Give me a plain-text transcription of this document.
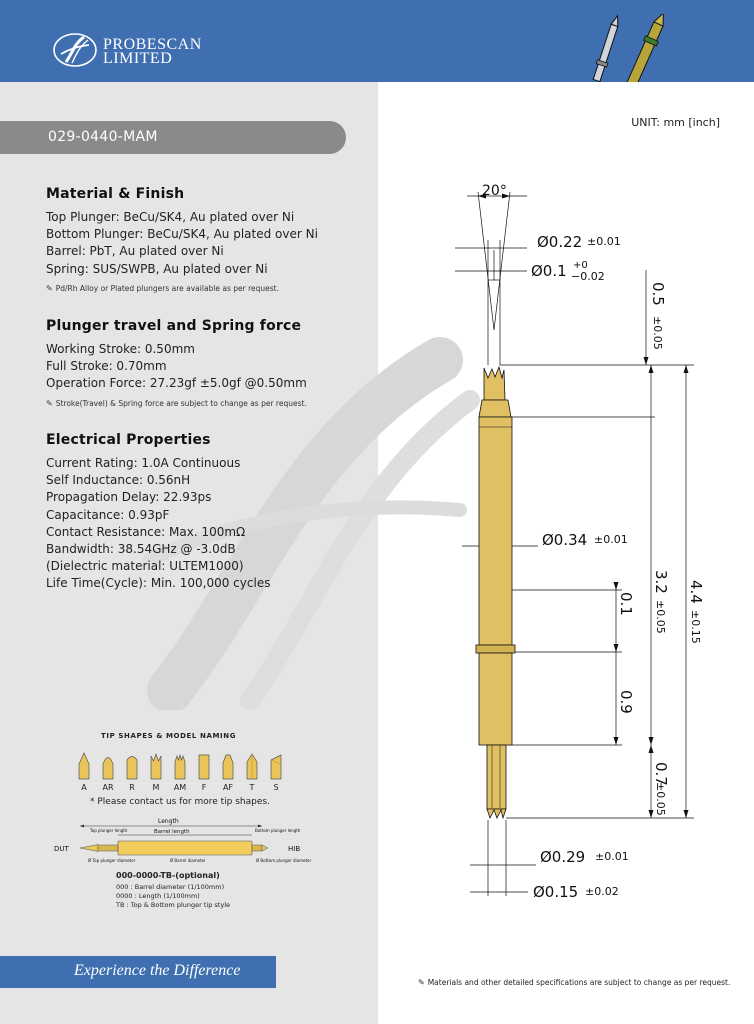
PROBESCAN
LIMITED
029-0440-MAM
UNIT: mm [inch]
Material & Finish
Top Plunger: BeCu/SK4, Au plated over Ni
Bottom Plunger: BeCu/SK4, Au plated over Ni
Barrel: PbT, Au plated over Ni
Spring: SUS/SWPB, Au plated over Ni
✎ Pd/Rh Alloy or Plated plungers are available as per request.
Plunger travel and Spring force
Working Stroke: 0.50mm
Full Stroke: 0.70mm
Operation Force: 27.23gf ±5.0gf @0.50mm
✎ Stroke(Travel) & Spring force are subject to change as per request.
Electrical Properties
Current Rating: 1.0A Continuous
Self Inductance: 0.56nH
Propagation Delay: 22.93ps
Capacitance: 0.93pF
Contact Resistance: Max. 100mΩ
Bandwidth: 38.54GHz @ -3.0dB
(Dielectric material: ULTEM1000)
Life Time(Cycle): Min. 100,000 cycles
TIP SHAPES & MODEL NAMING
A	AR	R	M	AM	F	AF	T	S
* Please contact us for more tip shapes.
Length
Top plunger length	Barrel length	Bottom plunger length
DUT	HIB
Ø Top plunger diameter	Ø Barrel diameter	Ø Bottom plunger diameter
000-0000-TB-(optional)
000 : Barrel diameter (1/100mm)
0000 : Length (1/100mm)
TB : Top & Bottom plunger tip style
Experience the Difference
✎ Materials and other detailed specifications are subject to change as per request.
20°
Ø0.22 ±0.01
Ø0.1 +0
−0.02
Ø0.34 ±0.01
Ø0.29 ±0.01
Ø0.15 ±0.02
0.5
±0.05
3.2
±0.05
4.4
±0.15
0.1
0.9
0.7
±0.05
